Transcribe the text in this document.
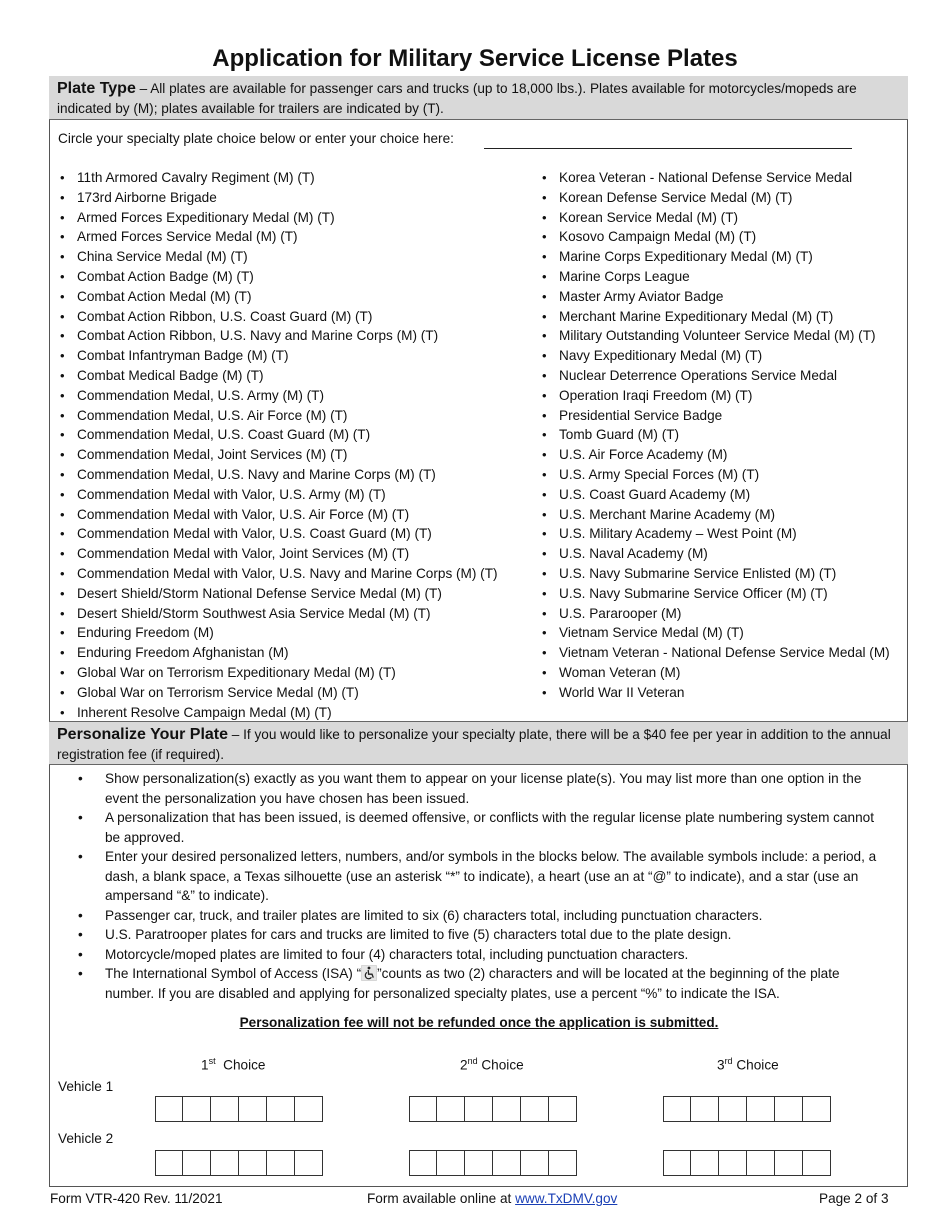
Application for Military Service License Plates
Plate Type – All plates are available for passenger cars and trucks (up to 18,000 lbs.). Plates available for motorcycles/mopeds are indicated by (M); plates available for trailers are indicated by (T).
Circle your specialty plate choice below or enter your choice here:
• 11th Armored Cavalry Regiment (M) (T)
• 173rd Airborne Brigade
• Armed Forces Expeditionary Medal (M) (T)
• Armed Forces Service Medal (M) (T)
• China Service Medal (M) (T)
• Combat Action Badge (M) (T)
• Combat Action Medal (M) (T)
• Combat Action Ribbon, U.S. Coast Guard (M) (T)
• Combat Action Ribbon, U.S. Navy and Marine Corps (M) (T)
• Combat Infantryman Badge (M) (T)
• Combat Medical Badge (M) (T)
• Commendation Medal, U.S. Army (M) (T)
• Commendation Medal, U.S. Air Force (M) (T)
• Commendation Medal, U.S. Coast Guard (M) (T)
• Commendation Medal, Joint Services (M) (T)
• Commendation Medal, U.S. Navy and Marine Corps (M) (T)
• Commendation Medal with Valor, U.S. Army (M) (T)
• Commendation Medal with Valor, U.S. Air Force (M) (T)
• Commendation Medal with Valor, U.S. Coast Guard (M) (T)
• Commendation Medal with Valor, Joint Services (M) (T)
• Commendation Medal with Valor, U.S. Navy and Marine Corps (M) (T)
• Desert Shield/Storm National Defense Service Medal (M) (T)
• Desert Shield/Storm Southwest Asia Service Medal (M) (T)
• Enduring Freedom (M)
• Enduring Freedom Afghanistan (M)
• Global War on Terrorism Expeditionary Medal (M) (T)
• Global War on Terrorism Service Medal (M) (T)
• Inherent Resolve Campaign Medal (M) (T)
• Korea Veteran - National Defense Service Medal
• Korean Defense Service Medal (M) (T)
• Korean Service Medal (M) (T)
• Kosovo Campaign Medal (M) (T)
• Marine Corps Expeditionary Medal (M) (T)
• Marine Corps League
• Master Army Aviator Badge
• Merchant Marine Expeditionary Medal (M) (T)
• Military Outstanding Volunteer Service Medal (M) (T)
• Navy Expeditionary Medal (M) (T)
• Nuclear Deterrence Operations Service Medal
• Operation Iraqi Freedom (M) (T)
• Presidential Service Badge
• Tomb Guard (M) (T)
• U.S. Air Force Academy (M)
• U.S. Army Special Forces (M) (T)
• U.S. Coast Guard Academy (M)
• U.S. Merchant Marine Academy (M)
• U.S. Military Academy – West Point (M)
• U.S. Naval Academy (M)
• U.S. Navy Submarine Service Enlisted (M) (T)
• U.S. Navy Submarine Service Officer (M) (T)
• U.S. Pararooper (M)
• Vietnam Service Medal (M) (T)
• Vietnam Veteran - National Defense Service Medal (M)
• Woman Veteran (M)
• World War II Veteran
Personalize Your Plate – If you would like to personalize your specialty plate, there will be a $40 fee per year in addition to the annual registration fee (if required).
• Show personalization(s) exactly as you want them to appear on your license plate(s). You may list more than one option in the event the personalization you have chosen has been issued.
• A personalization that has been issued, is deemed offensive, or conflicts with the regular license plate numbering system cannot be approved.
• Enter your desired personalized letters, numbers, and/or symbols in the blocks below. The available symbols include: a period, a dash, a blank space, a Texas silhouette (use an asterisk “*” to indicate), a heart (use an at “@” to indicate), and a star (use an ampersand “&” to indicate).
• Passenger car, truck, and trailer plates are limited to six (6) characters total, including punctuation characters.
• U.S. Paratrooper plates for cars and trucks are limited to five (5) characters total due to the plate design.
• Motorcycle/moped plates are limited to four (4) characters total, including punctuation characters.
• The International Symbol of Access (ISA) “ ”counts as two (2) characters and will be located at the beginning of the plate number. If you are disabled and applying for personalized specialty plates, use a percent “%” to indicate the ISA.
Personalization fee will not be refunded once the application is submitted.
1st Choice	2nd Choice	3rd Choice
Vehicle 1
Vehicle 2
Form VTR-420 Rev. 11/2021	Form available online at www.TxDMV.gov	Page 2 of 3
